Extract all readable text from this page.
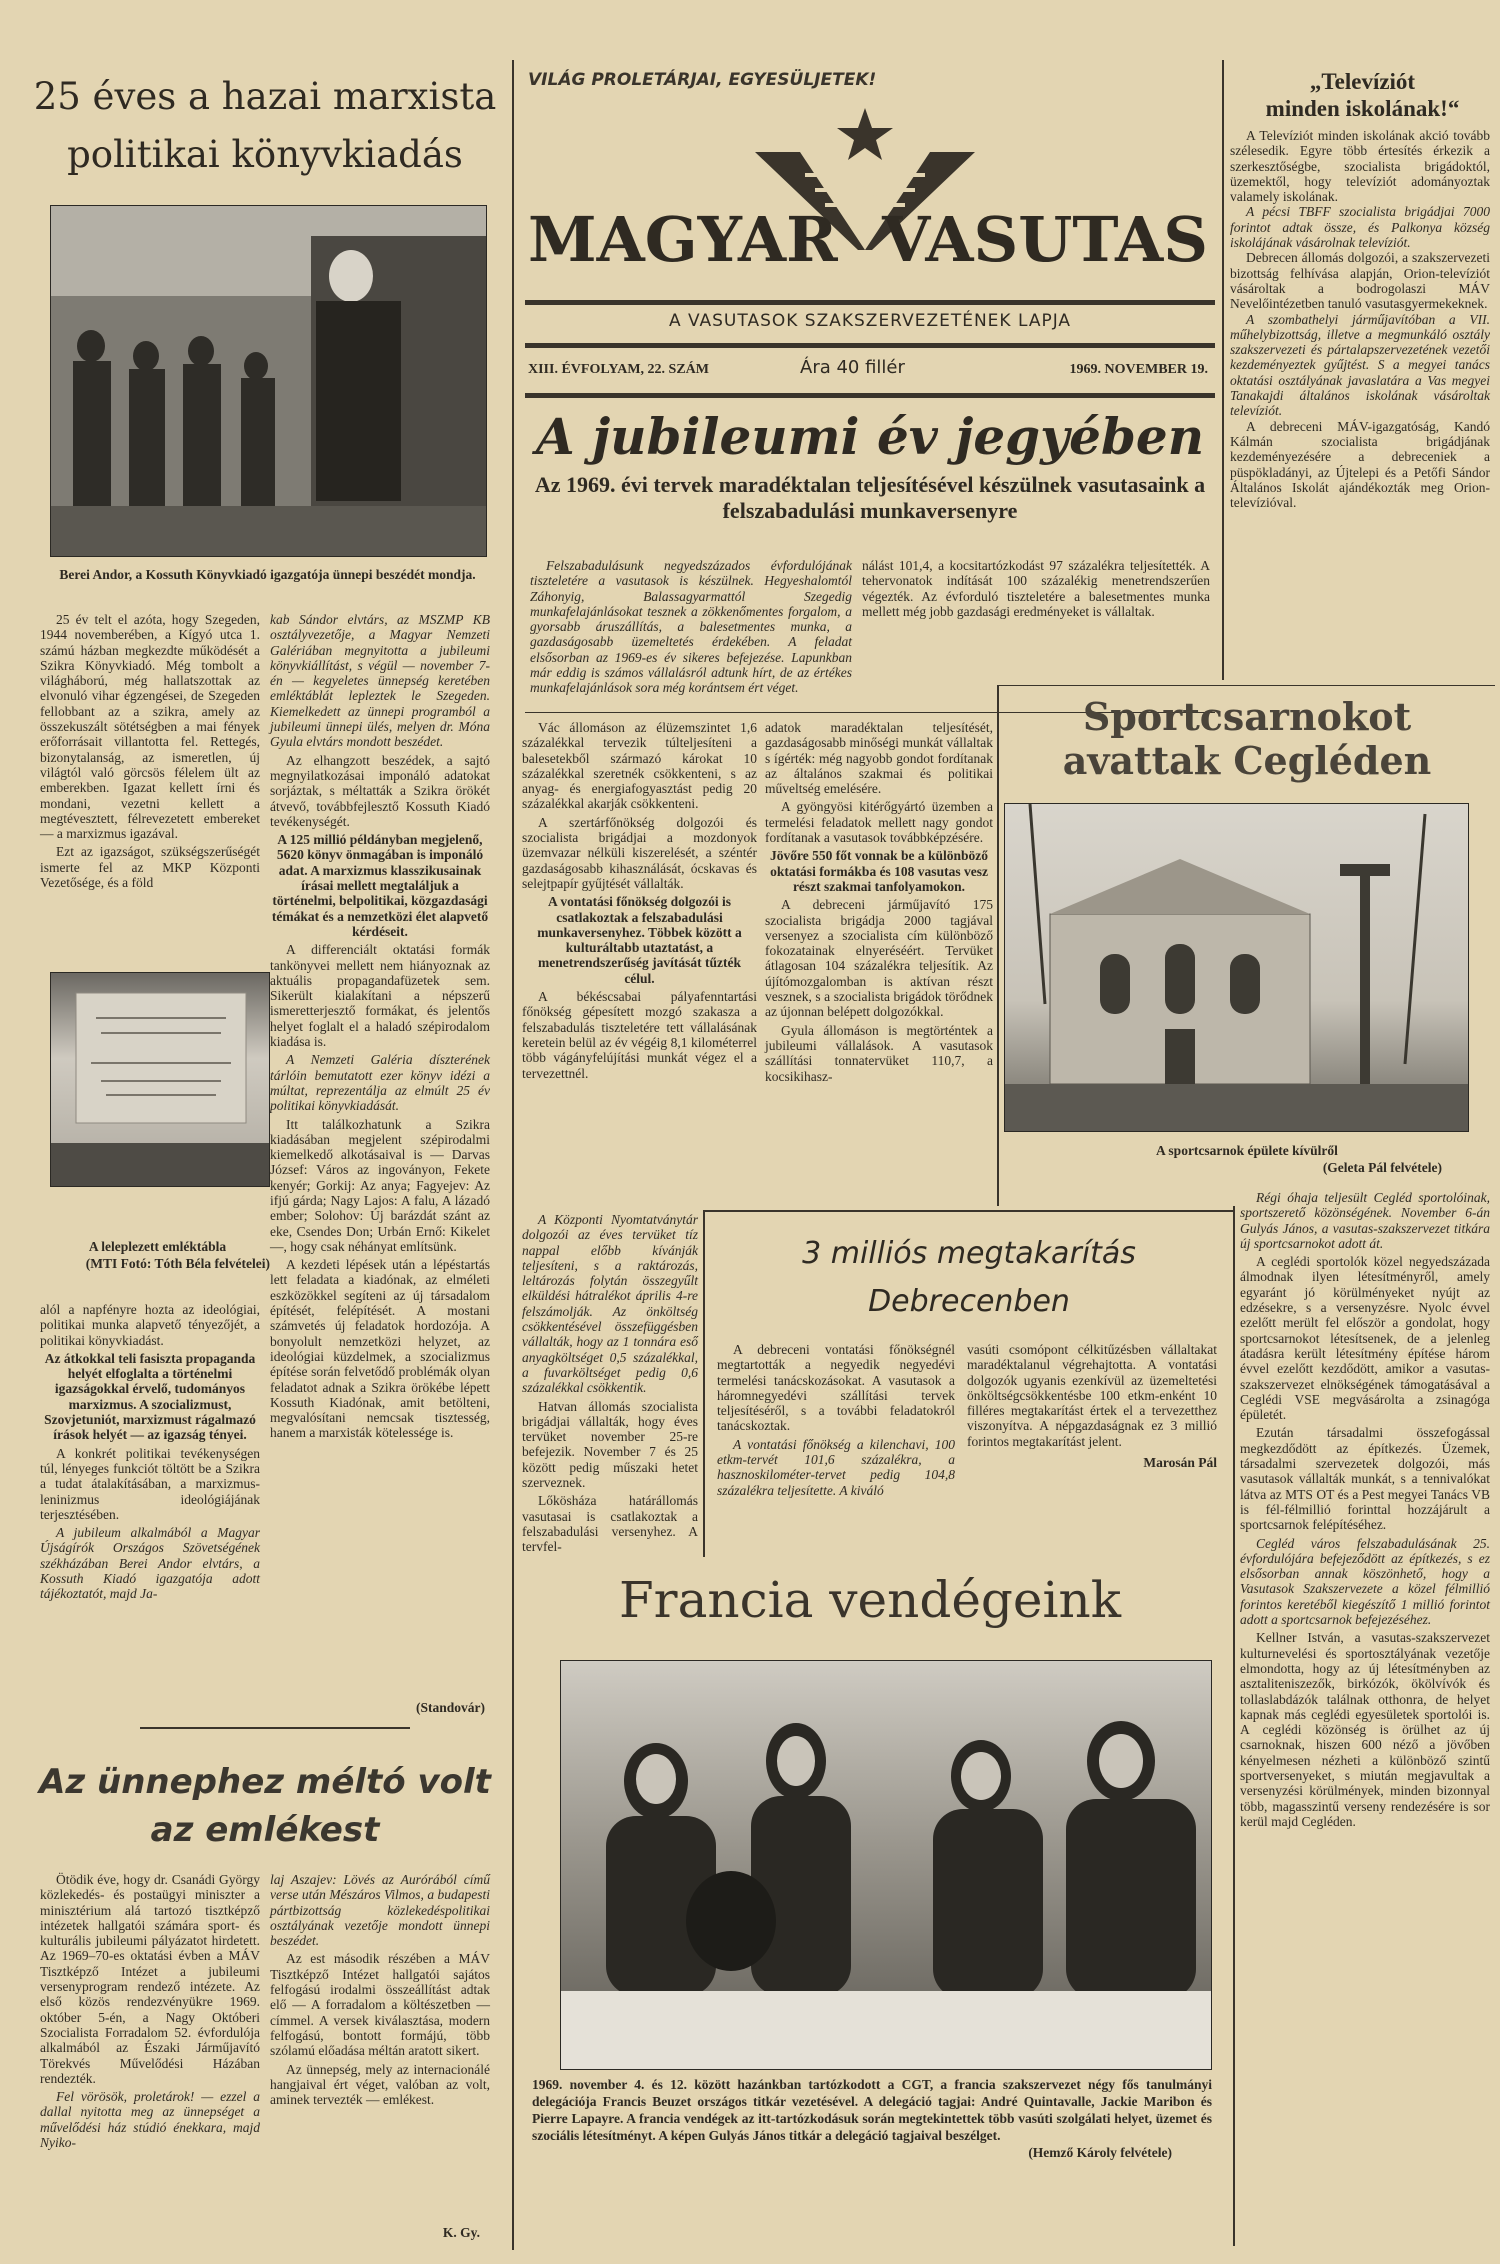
25 éves a hazai marxista
politikai könyvkiadás
Berei Andor, a Kossuth Könyvkiadó igazgatója ünnepi beszédét mondja.

25 év telt el azóta, hogy Szegeden, 1944 novemberében, a Kígyó utca 1. számú házban megkezdte működését a Szikra Könyvkiadó. Még tombolt a világháború, még hallatszottak az elvonuló vihar égzengései, de Szegeden fellobbant az a szikra, amely az összekuszált sötétségben a mai fények erőforrásait villantotta fel. Rettegés, bizonytalanság, az ismeretlen, új világtól való görcsös félelem ült az emberekben. Igazat kellett írni és mondani, vezetni kellett a megtévesztett, félrevezetett embereket — a marxizmus igazával.

Ezt az igazságot, szükségszerűségét ismerte fel az MKP Központi Vezetősége, és a föld

A leleplezett emléktábla
(MTI Fotó: Tóth Béla felvételei)

alól a napfényre hozta az ideológiai, politikai munka alapvető tényezőjét, a politikai könyvkiadást.

Az átkokkal teli fasiszta propaganda helyét elfoglalta a történelmi igazságokkal érvelő, tudományos marxizmus. A szocializmust, Szovjetuniót, marxizmust rágalmazó írások helyét — az igazság tényei.

A konkrét politikai tevékenységen túl, lényeges funkciót töltött be a Szikra a tudat átalakításában, a marxizmus-leninizmus ideológiájának terjesztésében.

A jubileum alkalmából a Magyar Újságírók Országos Szövetségének székházában Berei Andor elvtárs, a Kossuth Kiadó igazgatója adott tájékoztatót, majd Ja-

kab Sándor elvtárs, az MSZMP KB osztályvezetője, a Magyar Nemzeti Galériában megnyitotta a jubileumi könyvkiállítást, s végül — november 7-én — kegyeletes ünnepség keretében emléktáblát lepleztek le Szegeden. Kiemelkedett az ünnepi programból a jubileumi ünnepi ülés, melyen dr. Móna Gyula elvtárs mondott beszédet.

Az elhangzott beszédek, a sajtó megnyilatkozásai imponáló adatokat sorjáztak, s méltatták a Szikra örökét átvevő, továbbfejlesztő Kossuth Kiadó tevékenységét.

A 125 millió példányban megjelenő, 5620 könyv önmagában is imponáló adat. A marxizmus klasszikusainak írásai mellett megtaláljuk a történelmi, belpolitikai, közgazdasági témákat és a nemzetközi élet alapvető kérdéseit.

A differenciált oktatási formák tankönyvei mellett nem hiányoznak az aktuális propagandafüzetek sem. Sikerült kialakítani a népszerű ismeretterjesztő formákat, és jelentős helyet foglalt el a haladó szépirodalom kiadása is.

A Nemzeti Galéria díszterének tárlóin bemutatott ezer könyv idézi a múltat, reprezentálja az elmúlt 25 év politikai könyvkiadását.

Itt találkozhatunk a Szikra kiadásában megjelent szépirodalmi kiemelkedő alkotásaival is — Darvas József: Város az ingoványon, Fekete kenyér; Gorkij: Az anya; Fagyejev: Az ifjú gárda; Nagy Lajos: A falu, A lázadó ember; Solohov: Új barázdát szánt az eke, Csendes Don; Urbán Ernő: Kikelet —, hogy csak néhányat említsünk.

A kezdeti lépések után a lépéstartás lett feladata a kiadónak, az elméleti eszközökkel segíteni az új társadalom építését, felépítését. A mostani számvetés új feladatok hordozója. A bonyolult nemzetközi helyzet, az ideológiai küzdelmek, a szocializmus építése során felvetődő problémák olyan feladatot adnak a Szikra örökébe lépett Kossuth Kiadónak, amit betölteni, megvalósítani nemcsak tisztesség, hanem a marxisták kötelessége is.

(Standovár)
Az ünnephez méltó volt
az emlékest

Ötödik éve, hogy dr. Csanádi György közlekedés- és postaügyi miniszter a minisztérium alá tartozó tisztképző intézetek hallgatói számára sport- és kulturális jubileumi pályázatot hirdetett. Az 1969–70-es oktatási évben a MÁV Tisztképző Intézet a jubileumi versenyprogram rendező intézete. Az első közös rendezvényükre 1969. október 5-én, a Nagy Októberi Szocialista Forradalom 52. évfordulója alkalmából az Északi Járműjavító Törekvés Művelődési Házában rendezték.

Fel vörösök, proletárok! — ezzel a dallal nyitotta meg az ünnepséget a művelődési ház stúdió énekkara, majd Nyiko-

laj Aszajev: Lövés az Aurórából című verse után Mészáros Vilmos, a budapesti pártbizottság közlekedéspolitikai osztályának vezetője mondott ünnepi beszédet.

Az est második részében a MÁV Tisztképző Intézet hallgatói sajátos felfogású irodalmi összeállítást adtak elő — A forradalom a költészetben — címmel. A versek kiválasztása, modern felfogású, bontott formájú, több szólamú előadása méltán aratott sikert.

Az ünnepség, mely az internacionálé hangjaival ért véget, valóban az volt, aminek tervezték — emlékest.

K. Gy.
VILÁG PROLETÁRJAI, EGYESÜLJETEK!
MAGYAR VASUTAS
A VASUTASOK SZAKSZERVEZETÉNEK LAPJA
XIII. ÉVFOLYAM, 22. SZÁM	Ára 40 fillér	1969. NOVEMBER 19.
A jubileumi év jegyében
Az 1969. évi tervek maradéktalan teljesítésével készülnek vasutasaink a felszabadulási munkaversenyre
Felszabadulásunk negyedszázados évfordulójának tiszteletére a vasutasok is készülnek. Hegyeshalomtól Záhonyig, Balassagyarmattól Szegedig munkafelajánlásokat tesznek a zökkenőmentes forgalom, a gyorsabb áruszállítás, a balesetmentes munka, a gazdaságosabb üzemeltetés érdekében. A feladat elsősorban az 1969-es év sikeres befejezése. Lapunkban már eddig is számos vállalásról adtunk hírt, de az értékes munkafelajánlások sora még korántsem ért véget.
nálást 101,4, a kocsitartózkodást 97 százalékra teljesítették. A tehervonatok indítását 100 százalékig menetrendszerűen végezték. Az évforduló tiszteletére a balesetmentes munka mellett még jobb gazdasági eredményeket is vállaltak.

Vác állomáson az élüzemszintet 1,6 százalékkal tervezik túlteljesíteni a balesetekből származó károkat 10 százalékkal szeretnék csökkenteni, s az anyag- és energiafogyasztást pedig 20 százalékkal akarják csökkenteni.

A szertárfőnökség dolgozói és szocialista brigádjai a mozdonyok üzemvazar nélküli kiszerelését, a széntér gazdaságosabb kihasználását, ócskavas és selejtpapír gyűjtését vállalták.

A vontatási főnökség dolgozói is csatlakoztak a felszabadulási munkaversenyhez. Többek között a kulturáltabb utaztatást, a menetrendszerűség javítását tűzték célul.

A békéscsabai pályafenntartási főnökség gépesített mozgó szakasza a felszabadulás tiszteletére tett vállalásának keretein belül az év végéig 8,1 kilométerrel több vágányfelújítási munkát végez el a tervezettnél.

A Központi Nyomtatványtár dolgozói az éves tervüket tíz nappal előbb kívánják teljesíteni, s a raktározás, leltározás folytán összegyűlt elküldési hátralékot április 4-re felszámolják. Az önköltség csökkentésével összefüggésben vállalták, hogy az 1 tonnára eső anyagköltséget 0,5 százalékkal, a fuvarköltséget pedig 0,6 százalékkal csökkentik.

Hatvan állomás szocialista brigádjai vállalták, hogy éves tervüket november 25-re befejezik. November 7 és 25 között pedig műszaki hetet szerveznek.

Lőkösháza határállomás vasutasai is csatlakoztak a felszabadulási versenyhez. A tervfel-

adatok maradéktalan teljesítését, gazdaságosabb minőségi munkát vállaltak s ígérték: még nagyobb gondot fordítanak az általános szakmai és politikai műveltség emelésére.

A gyöngyösi kitérőgyártó üzemben a termelési feladatok mellett nagy gondot fordítanak a vasutasok továbbképzésére.

Jövőre 550 főt vonnak be a különböző oktatási formákba és 108 vasutas vesz részt szakmai tanfolyamokon.

A debreceni járműjavító 175 szocialista brigádja 2000 tagjával versenyez a szocialista cím különböző fokozatainak elnyeréséért. Tervüket átlagosan 104 százalékra teljesítik. Az újítómozgalomban is aktívan részt vesznek, s a szocialista brigádok törődnek az újonnan belépett dolgozókkal.

Gyula állomáson is megtörténtek a jubileumi vállalások. A vasutasok szállítási tonnatervüket 110,7, a kocsikihasz-

3 milliós megtakarítás
Debrecenben

A debreceni vontatási főnökségnél megtartották a negyedik negyedévi termelési tanácskozásokat. A vasutasok a háromnegyedévi szállítási tervek teljesítéséről, s a további feladatokról tanácskoztak.

A vontatási főnökség a kilenchavi, 100 etkm-tervét 101,6 százalékra, a hasznoskilométer-tervet pedig 104,8 százalékra teljesítette. A kiváló

vasúti csomópont célkitűzésben vállaltakat maradéktalanul végrehajtotta. A vontatási dolgozók ugyanis ezenkívül az üzemeltetési önköltségcsökkentésbe 100 etkm-enként 10 filléres megtakarítást értek el a tervezetthez viszonyítva. A népgazdaságnak ez 3 millió forintos megtakarítást jelent.

Marosán Pál
Francia vendégeink
1969. november 4. és 12. között hazánkban tartózkodott a CGT, a francia szakszervezet négy fős tanulmányi delegációja Francis Beuzet országos titkár vezetésével. A delegáció tagjai: André Quintavalle, Jackie Maribon és Pierre Lapayre. A francia vendégek az itt-tartózkodásuk során megtekintettek több vasúti szolgálati helyet, üzemet és szociális létesítményt. A képen Gulyás János titkár a delegáció tagjaival beszélget.
(Hemző Károly felvétele)
„Televíziót
minden iskolának!“

A Televíziót minden iskolának akció tovább szélesedik. Egyre több értesítés érkezik a szerkesztőségbe, szocialista brigádoktól, üzemektől, hogy televíziót adományoztak valamely iskolának.

A pécsi TBFF szocialista brigádjai 7000 forintot adtak össze, és Palkonya község iskolájának vásárolnak televíziót.

Debrecen állomás dolgozói, a szakszervezeti bizottság felhívása alapján, Orion-televíziót vásároltak a bodrogolaszi MÁV Nevelőintézetben tanuló vasutasgyermekeknek.

A szombathelyi járműjavítóban a VII. műhelybizottság, illetve a megmunkáló osztály szakszervezeti és pártalapszervezetének vezetői kezdeményeztek gyűjtést. S a megyei tanács oktatási osztályának javaslatára a Vas megyei Tanakajdi általános iskolának vásároltak televíziót.

A debreceni MÁV-igazgatóság, Kandó Kálmán szocialista brigádjának kezdeményezésére a debreceniek a püspökladányi, az Újtelepi és a Petőfi Sándor Általános Iskolát ajándékozták meg Orion-televízióval.

Sportcsarnokot
avattak Cegléden
A sportcsarnok épülete kívülről
(Geleta Pál felvétele)

Régi óhaja teljesült Cegléd sportolóinak, sportszerető közönségének. November 6-án Gulyás János, a vasutas-szakszervezet titkára új sportcsarnokot adott át.

A ceglédi sportolók közel negyedszázada álmodnak ilyen létesítményről, amely egyaránt jó körülményeket nyújt az edzésekre, s a versenyzésre. Nyolc évvel ezelőtt merült fel először a gondolat, hogy sportcsarnokot létesítsenek, de a jelenleg átadásra került létesítmény építése három évvel ezelőtt kezdődött, amikor a vasutas-szakszervezet elnökségének támogatásával a Ceglédi VSE megvásárolta a zsinagóga épületét.

Ezután társadalmi összefogással megkezdődött az építkezés. Üzemek, társadalmi szervezetek dolgozói, más vasutasok vállalták munkát, s a tennivalókat látva az MTS OT és a Pest megyei Tanács VB is fél-félmillió forinttal hozzájárult a sportcsarnok felépítéséhez.

Cegléd város felszabadulásának 25. évfordulójára befejeződött az építkezés, s ez elsősorban annak köszönhető, hogy a Vasutasok Szakszervezete a közel félmillió forintos keretéből kiegészítő 1 millió forintot adott a sportcsarnok befejezéséhez.

Kellner István, a vasutas-szakszervezet kulturnevelési és sportosztályának vezetője elmondotta, hogy az új létesítményben az asztaliteniszezők, birkózók, ökölvívók és tollaslabdázók találnak otthonra, de helyet kapnak más ceglédi egyesületek sportolói is. A ceglédi közönség is örülhet az új csarnoknak, hiszen 600 néző a jövőben kényelmesen nézheti a különböző szintű sportversenyeket, s miután megjavultak a versenyzési körülmények, minden bizonnyal több, magasszintű verseny rendezésére is sor kerül majd Cegléden.
